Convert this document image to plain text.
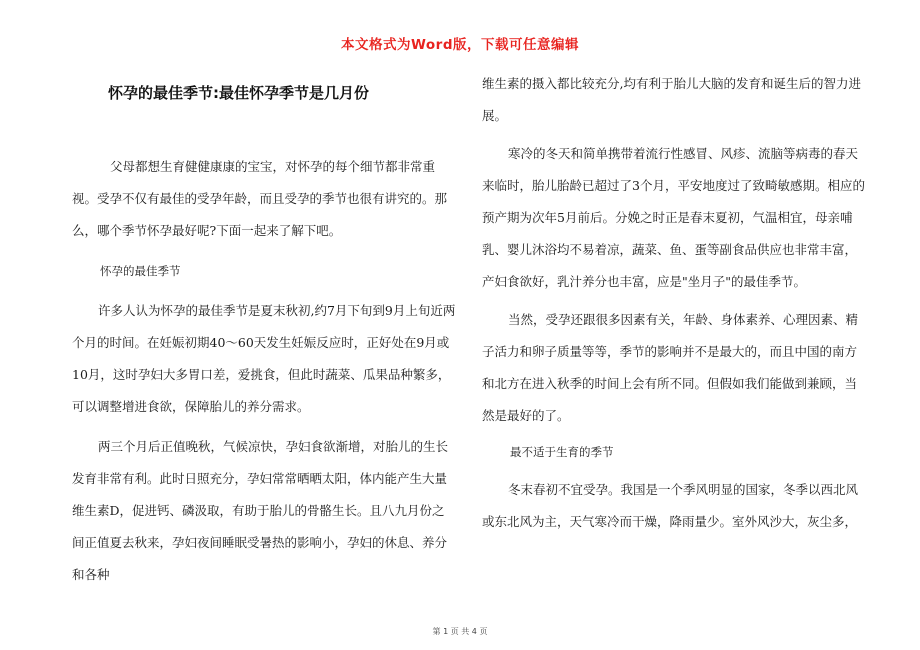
本文格式为Word版，下载可任意编辑
怀孕的最佳季节:最佳怀孕季节是几月份

父母都想生育健健康康的宝宝，对怀孕的每个细节都非常重视。受孕不仅有最佳的受孕年龄，而且受孕的季节也很有讲究的。那么，哪个季节怀孕最好呢?下面一起来了解下吧。

怀孕的最佳季节

许多人认为怀孕的最佳季节是夏末秋初,约7月下旬到9月上旬近两个月的时间。在妊娠初期40～60天发生妊娠反应时，正好处在9月或10月，这时孕妇大多胃口差，爱挑食，但此时蔬菜、瓜果品种繁多，可以调整增进食欲，保障胎儿的养分需求。

两三个月后正值晚秋，气候凉快，孕妇食欲渐增，对胎儿的生长发育非常有利。此时日照充分，孕妇常常晒晒太阳，体内能产生大量维生素D，促进钙、磷汲取，有助于胎儿的骨骼生长。且八九月份之间正值夏去秋来，孕妇夜间睡眠受暑热的影响小，孕妇的休息、养分和各种

维生素的摄入都比较充分,均有利于胎儿大脑的发育和诞生后的智力进展。

寒冷的冬天和简单携带着流行性感冒、风疹、流脑等病毒的春天来临时，胎儿胎龄已超过了3个月，平安地度过了致畸敏感期。相应的预产期为次年5月前后。分娩之时正是春末夏初，气温相宜，母亲哺乳、婴儿沐浴均不易着凉，蔬菜、鱼、蛋等副食品供应也非常丰富，产妇食欲好，乳汁养分也丰富，应是"坐月子"的最佳季节。

当然，受孕还跟很多因素有关，年龄、身体素养、心理因素、精子活力和卵子质量等等，季节的影响并不是最大的，而且中国的南方和北方在进入秋季的时间上会有所不同。但假如我们能做到兼顾，当然是最好的了。

最不适于生育的季节

冬末春初不宜受孕。我国是一个季风明显的国家，冬季以西北风或东北风为主，天气寒冷而干燥，降雨量少。室外风沙大，灰尘多，

第 1 页 共 4 页
